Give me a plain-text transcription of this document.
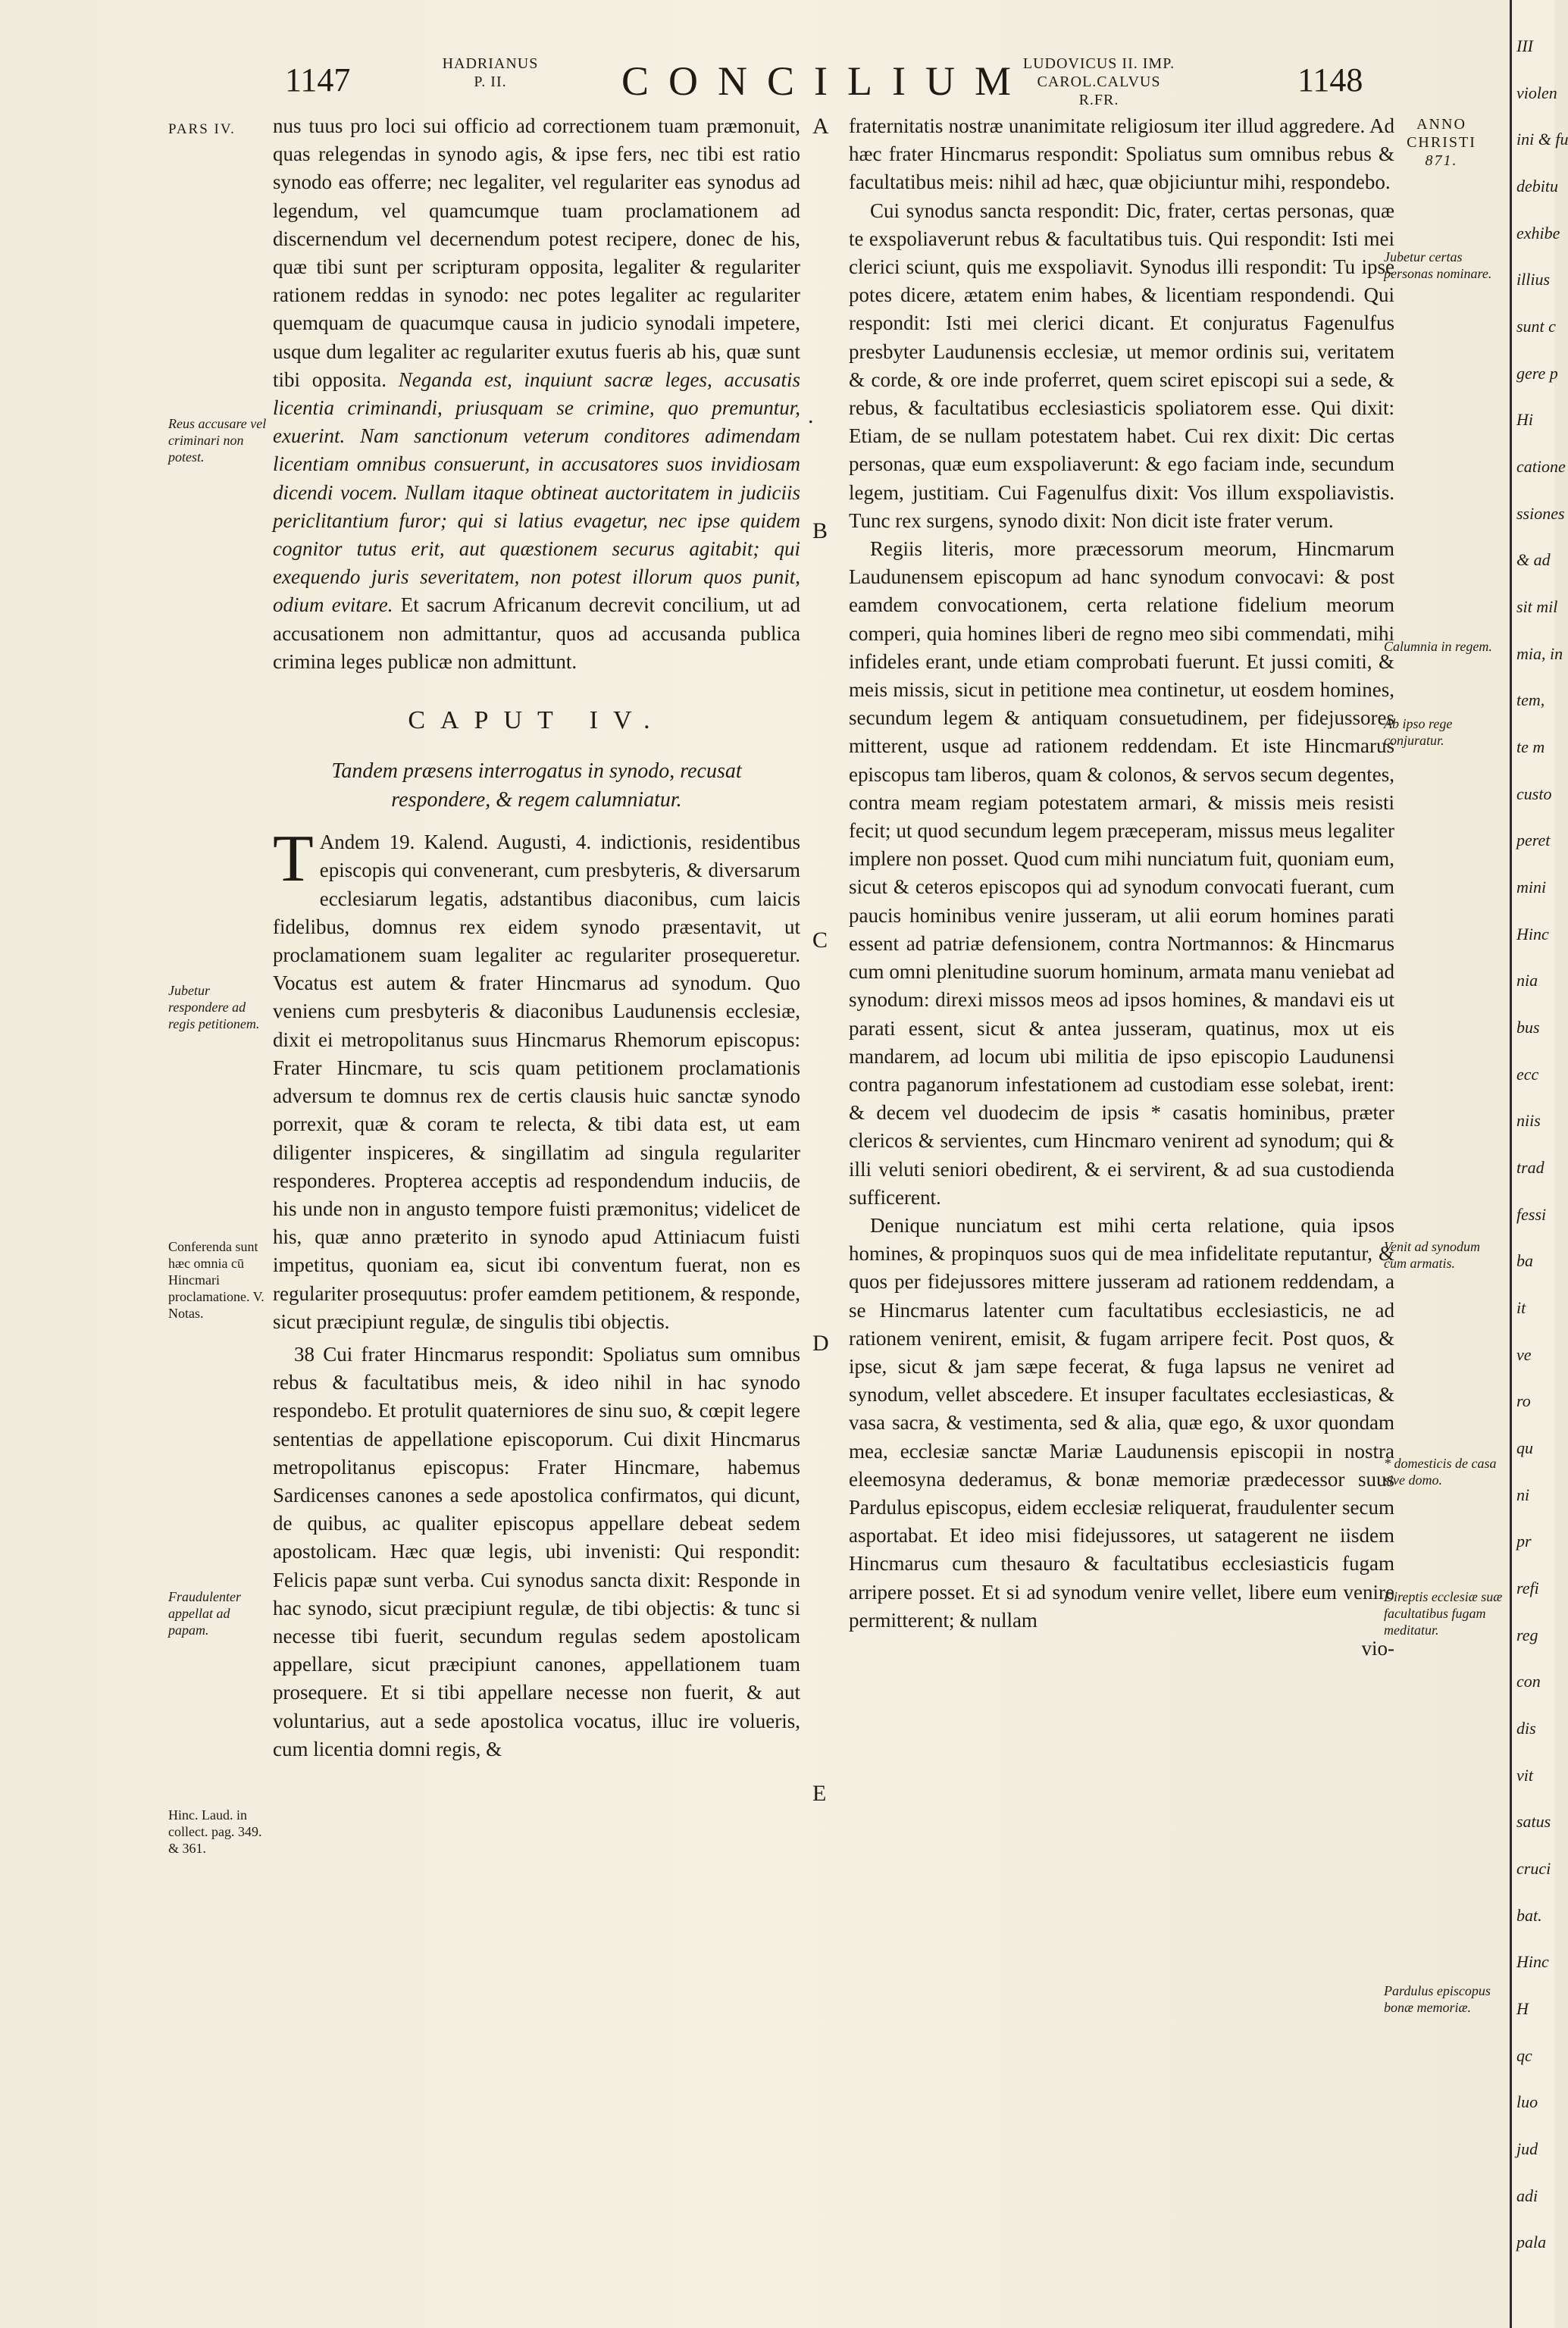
1147	HADRIANUS
P. II.	CONCILIUM
LUDOVICUS II. IMP.
CAROL.CALVUS R.FR.
1148
PARS IV.	ANNO
CHRISTI
871.

nus tuus pro loci sui officio ad correctionem tuam præmonuit, quas relegendas in synodo agis, & ipse fers, nec tibi est ratio synodo eas offerre; nec legaliter, vel regulariter eas synodus ad legendum, vel quamcumque tuam proclamationem ad discernendum vel decernendum potest recipere, donec de his, quæ tibi sunt per scripturam opposita, legaliter & regulariter rationem reddas in synodo: nec potes legaliter ac regulariter quemquam de quacumque causa in judicio synodali impetere, usque dum legaliter ac regulariter exutus fueris ab his, quæ sunt tibi opposita. Negandа est, inquiunt sacræ leges, accusatis licentia criminandi, priusquam se crimine, quo premuntur, exuerint. Nam sanctionum veterum conditores adimendam licentiam omnibus consuerunt, in accusatores suos invidiosam dicendi vocem. Nullam itaque obtineat auctoritatem in judiciis periclitantium furor; qui si latius evagetur, nec ipse quidem cognitor tutus erit, aut quæstionem securus agitabit; qui exequendo juris severitatem, non potest illorum quos punit, odium evitare. Et sacrum Africanum decrevit concilium, ut ad accusationem non admittantur, quos ad accusanda publica crimina leges publicæ non admittunt.

CAPUT IV.
Tandem præsens interrogatus in synodo, recusat respondere, & regem calumniatur.

T Andem 19. Kalend. Augusti, 4. indictionis, residentibus episcopis qui convenerant, cum presbyteris, & diversarum ecclesiarum legatis, adstantibus diaconibus, cum laicis fidelibus, domnus rex eidem synodo præsentavit, ut proclamationem suam legaliter ac regulariter prosequeretur. Vocatus est autem & frater Hincmarus ad synodum. Quo veniens cum presbyteris & diaconibus Laudunensis ecclesiæ, dixit ei metropolitanus suus Hincmarus Rhemorum episcopus: Frater Hincmare, tu scis quam petitionem proclamationis adversum te domnus rex de certis clausis huic sanctæ synodo porrexit, quæ & coram te relecta, & tibi data est, ut eam diligenter inspiceres, & singillatim ad singula regulariter responderes. Propterea acceptis ad respondendum induciis, de his unde non in angusto tempore fuisti præmonitus; videlicet de his, quæ anno præterito in synodo apud Attiniacum fuisti impetitus, quoniam ea, sicut ibi conventum fuerat, non es regulariter prosequutus: profer eamdem petitionem, & responde, sicut præcipiunt regulæ, de singulis tibi objectis.

38 Cui frater Hincmarus respondit: Spoliatus sum omnibus rebus & facultatibus meis, & ideo nihil in hac synodo respondebo. Et protulit quaterniores de sinu suo, & cœpit legere sententias de appellatione episcoporum. Cui dixit Hincmarus metropolitanus episcopus: Frater Hincmare, habemus Sardicenses canones a sede apostolica confirmatos, qui dicunt, de quibus, ac qualiter episcopus appellare debeat sedem apostolicam. Hæc quæ legis, ubi invenisti: Qui respondit: Felicis papæ sunt verba. Cui synodus sancta dixit: Responde in hac synodo, sicut præcipiunt regulæ, de tibi objectis: & tunc si necesse tibi fuerit, secundum regulas sedem apostolicam appellare, sicut præcipiunt canones, appellationem tuam prosequere. Et si tibi appellare necesse non fuerit, & aut voluntarius, aut a sede apostolica vocatus, illuc ire volueris, cum licentia domni regis, &

fraternitatis nostræ unanimitate religiosum iter illud aggredere. Ad hæc frater Hincmarus respondit: Spoliatus sum omnibus rebus & facultatibus meis: nihil ad hæc, quæ objiciuntur mihi, respondebo.

Cui synodus sancta respondit: Dic, frater, certas personas, quæ te exspoliaverunt rebus & facultatibus tuis. Qui respondit: Isti mei clerici sciunt, quis me exspoliavit. Synodus illi respondit: Tu ipse potes dicere, ætatem enim habes, & licentiam respondendi. Qui respondit: Isti mei clerici dicant. Et conjuratus Fagenulfus presbyter Laudunensis ecclesiæ, ut memor ordinis sui, veritatem & corde, & ore inde proferret, quem sciret episcopi sui a sede, & rebus, & facultatibus ecclesiasticis spoliatorem esse. Qui dixit: Etiam, de se nullam potestatem habet. Cui rex dixit: Dic certas personas, quæ eum exspoliaverunt: & ego faciam inde, secundum legem, justitiam. Cui Fagenulfus dixit: Vos illum exspoliavistis. Tunc rex surgens, synodo dixit: Non dicit iste frater verum.

Regiis literis, more præcessorum meorum, Hincmarum Laudunensem episcopum ad hanc synodum convocavi: & post eamdem convocationem, certa relatione fidelium meorum comperi, quia homines liberi de regno meo sibi commendati, mihi infideles erant, unde etiam comprobati fuerunt. Et jussi comiti, & meis missis, sicut in petitione mea continetur, ut eosdem homines, secundum legem & antiquam consuetudinem, per fidejussores mitterent, usque ad rationem reddendam. Et iste Hincmarus episcopus tam liberos, quam & colonos, & servos secum degentes, contra meam regiam potestatem armari, & missis meis resisti fecit; ut quod secundum legem præceperam, missus meus legaliter implere non posset. Quod cum mihi nunciatum fuit, quoniam eum, sicut & ceteros episcopos qui ad synodum convocati fuerant, cum paucis hominibus venire jusseram, ut alii eorum homines parati essent ad patriæ defensionem, contra Nortmannos: & Hincmarus cum omni plenitudine suorum hominum, armata manu veniebat ad synodum: direxi missos meos ad ipsos homines, & mandavi eis ut parati essent, sicut & antea jusseram, quatinus, mox ut eis mandarem, ad locum ubi militia de ipso episcopio Laudunensi contra paganorum infestationem ad custodiam esse solebat, irent: & decem vel duodecim de ipsis * casatis hominibus, præter clericos & servientes, cum Hincmaro venirent ad synodum; qui & illi veluti seniori obedirent, & ei servirent, & ad sua custodienda sufficerent.

Denique nunciatum est mihi certa relatione, quia ipsos homines, & propinquos suos qui de mea infidelitate reputantur, & quos per fidejussores mittere jusseram ad rationem reddendam, a se Hincmarus latenter cum facultatibus ecclesiasticis, ne ad rationem venirent, emisit, & fugam arripere fecit. Post quos, & ipse, sicut & jam sæpe fecerat, & fuga lapsus ne veniret ad synodum, vellet abscedere. Et insuper facultates ecclesiasticas, & vasa sacra, & vestimenta, sed & alia, quæ ego, & uxor quondam mea, ecclesiæ sanctæ Mariæ Laudunensis episcopii in nostra eleemosyna dederamus, & bonæ memoriæ prædecessor suus Pardulus episcopus, eidem ecclesiæ reliquerat, fraudulenter secum asportabat. Et ideo misi fidejussores, ut satagerent ne iisdem Hincmarus cum thesauro & facultatibus ecclesiasticis fugam arripere posset. Et si ad synodum venire vellet, libere eum venire permitterent; & nullam

vio-
A
.
B
C
D
E
Reus accusare vel criminari non potest.
Jubetur respondere ad regis petitionem.
Conferenda sunt hæc omnia cū Hincmari proclamatione. V. Notas.
Fraudulenter appellat ad papam.
Hinc. Laud. in collect. pag. 349. & 361.
Jubetur certas personas nominare.
Calumnia in regem.
Ab ipso rege conjuratur.
Venit ad synodum cum armatis.
* domesticis de casa sive domo.
Direptis ecclesiæ suæ facultatibus fugam meditatur.
Pardulus episcopus bonæ memoriæ.
III
violen
ini & fu
debitu
exhibe
illius
sunt c
gere p
Hi
catione
ssiones
& ad
sit mil
mia, in
tem,
te m
custo
peret
mini
Hinc
nia
bus
ecc
niis
trad
fessi
ba
it
ve
ro
qu
ni
pr
refi
reg
con
dis
vit
satus
cruci
bat.
Hinc
H
qc
luo
jud
adi
pala
